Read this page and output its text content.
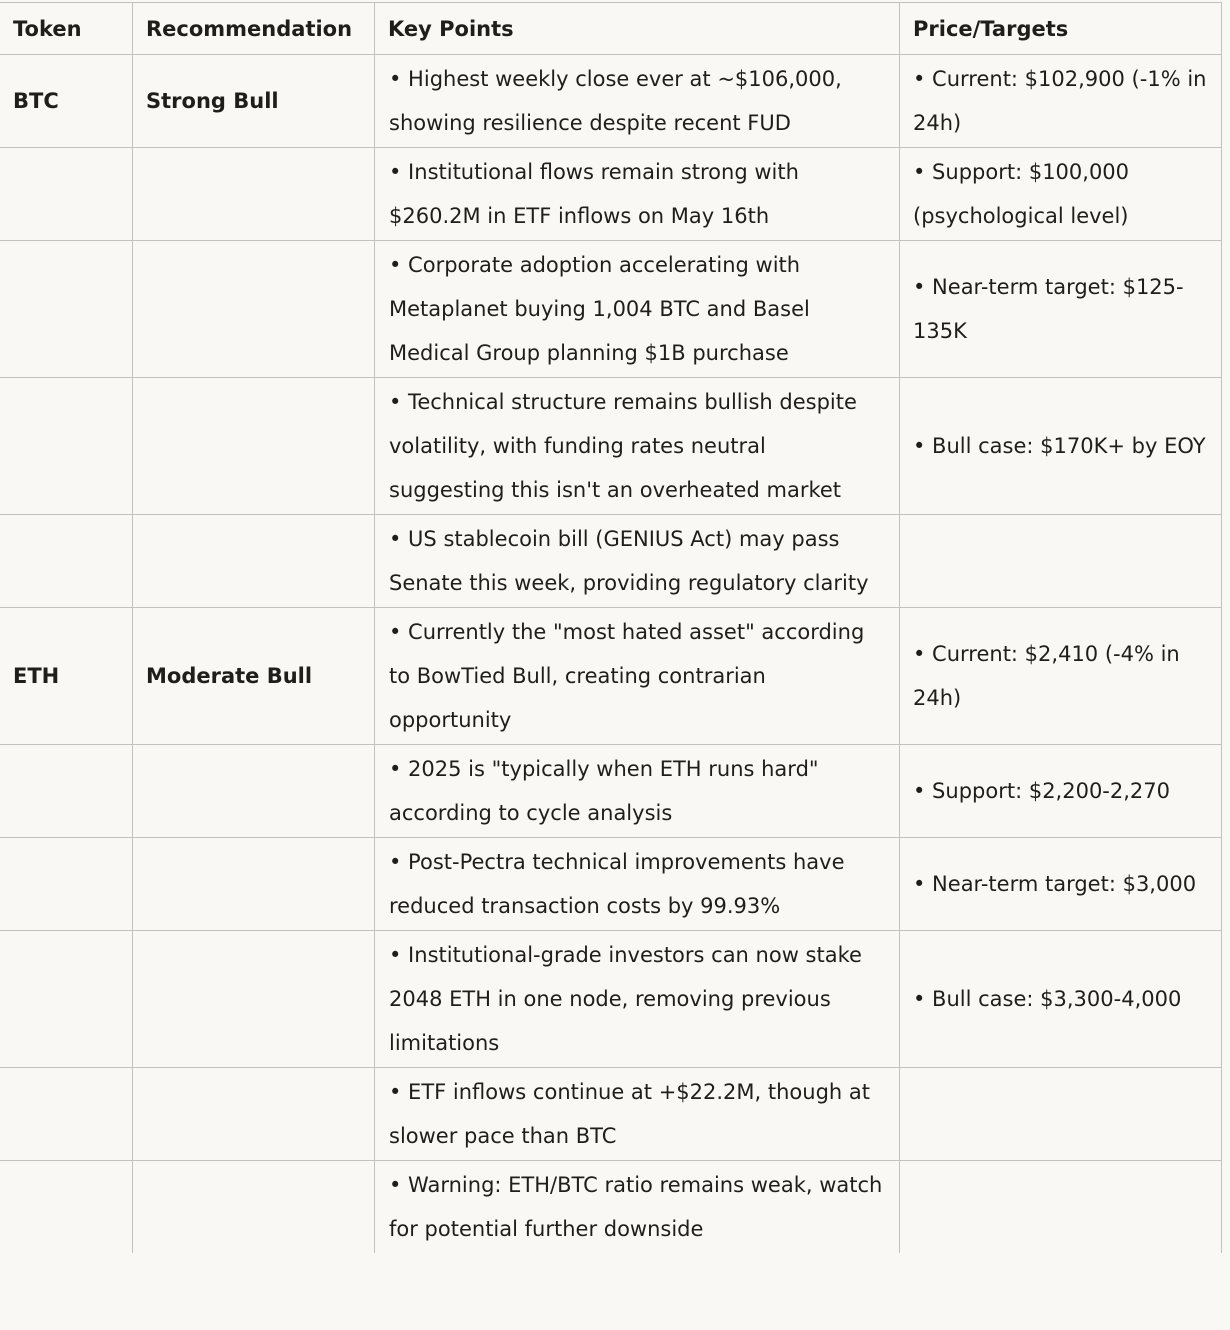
Token	Recommendation	Key Points	Price/Targets
BTC	Strong Bull	• Highest weekly close ever at ~$106,000, showing resilience despite recent FUD	• Current: $102,900 (-1% in 24h)
		• Institutional flows remain strong with $260.2M in ETF inflows on May 16th	• Support: $100,000 (psychological level)
		• Corporate adoption accelerating with Metaplanet buying 1,004 BTC and Basel Medical Group planning $1B purchase	• Near-term target: $125-135K
		• Technical structure remains bullish despite volatility, with funding rates neutral suggesting this isn't an overheated market	• Bull case: $170K+ by EOY
		• US stablecoin bill (GENIUS Act) may pass Senate this week, providing regulatory clarity	
ETH	Moderate Bull	• Currently the "most hated asset" according to BowTied Bull, creating contrarian opportunity	• Current: $2,410 (-4% in 24h)
		• 2025 is "typically when ETH runs hard" according to cycle analysis	• Support: $2,200-2,270
		• Post-Pectra technical improvements have reduced transaction costs by 99.93%	• Near-term target: $3,000
		• Institutional-grade investors can now stake 2048 ETH in one node, removing previous limitations	• Bull case: $3,300-4,000
		• ETF inflows continue at +$22.2M, though at slower pace than BTC	
		• Warning: ETH/BTC ratio remains weak, watch for potential further downside	
